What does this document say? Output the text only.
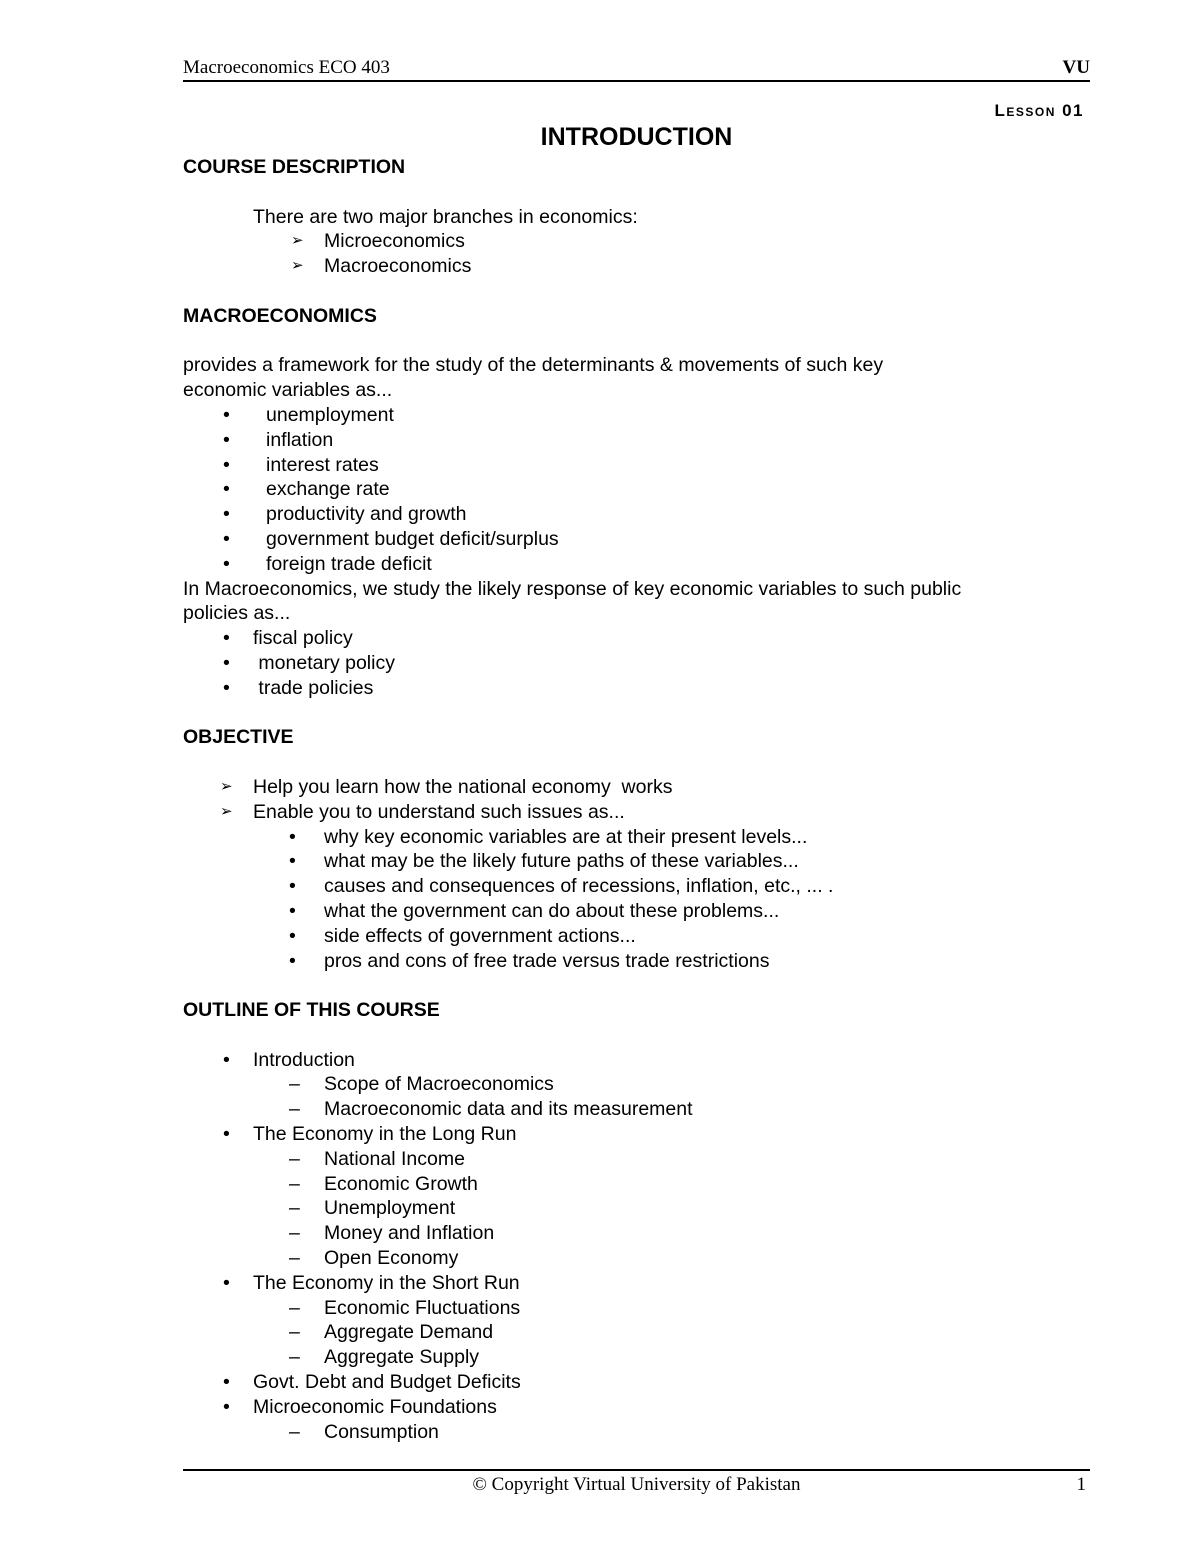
Macroeconomics ECO 403	VU
Lesson 01
INTRODUCTION

COURSE DESCRIPTION

There are two major branches in economics:

➢ Microeconomics
➢ Macroeconomics

MACROECONOMICS

provides a framework for the study of the determinants & movements of such key

economic variables as...

• unemployment
• inflation
• interest rates
• exchange rate
• productivity and growth
• government budget deficit/surplus
• foreign trade deficit

In Macroeconomics, we study the likely response of key economic variables to such public

policies as...

• fiscal policy
• monetary policy
• trade policies

OBJECTIVE

➢ Help you learn how the national economy  works
➢ Enable you to understand such issues as...
• why key economic variables are at their present levels...
• what may be the likely future paths of these variables...
• causes and consequences of recessions, inflation, etc., ... .
• what the government can do about these problems...
• side effects of government actions...
• pros and cons of free trade versus trade restrictions

OUTLINE OF THIS COURSE

• Introduction
– Scope of Macroeconomics
– Macroeconomic data and its measurement
• The Economy in the Long Run
– National Income
– Economic Growth
– Unemployment
– Money and Inflation
– Open Economy
• The Economy in the Short Run
– Economic Fluctuations
– Aggregate Demand
– Aggregate Supply
• Govt. Debt and Budget Deficits
• Microeconomic Foundations
– Consumption
© Copyright Virtual University of Pakistan	1
